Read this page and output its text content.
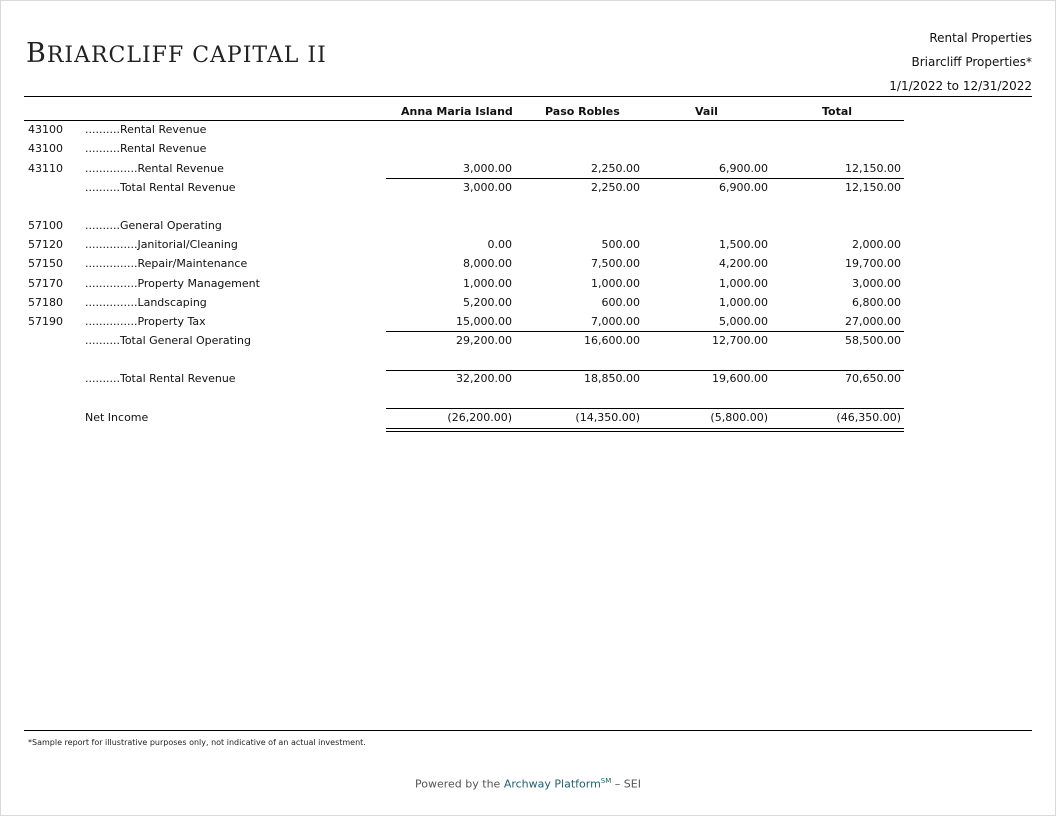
BRIARCLIFF CAPITAL II
Rental Properties
Briarcliff Properties*
1/1/2022 to 12/31/2022
Anna Maria Island	Paso Robles	Vail	Total
43100 ..........Rental Revenue
43100 ..........Rental Revenue
43110 ...............Rental Revenue	3,000.00	2,250.00	6,900.00	12,150.00
..........Total Rental Revenue	3,000.00	2,250.00	6,900.00	12,150.00
57100 ..........General Operating
57120 ...............Janitorial/Cleaning	0.00	500.00	1,500.00	2,000.00
57150 ...............Repair/Maintenance	8,000.00	7,500.00	4,200.00	19,700.00
57170 ...............Property Management	1,000.00	1,000.00	1,000.00	3,000.00
57180 ...............Landscaping	5,200.00	600.00	1,000.00	6,800.00
57190 ...............Property Tax	15,000.00	7,000.00	5,000.00	27,000.00
..........Total General Operating	29,200.00	16,600.00	12,700.00	58,500.00
..........Total Rental Revenue	32,200.00	18,850.00	19,600.00	70,650.00
Net Income	(26,200.00)	(14,350.00)	(5,800.00)	(46,350.00)
*Sample report for illustrative purposes only, not indicative of an actual investment.
Powered by the Archway Platform℠ – SEI
